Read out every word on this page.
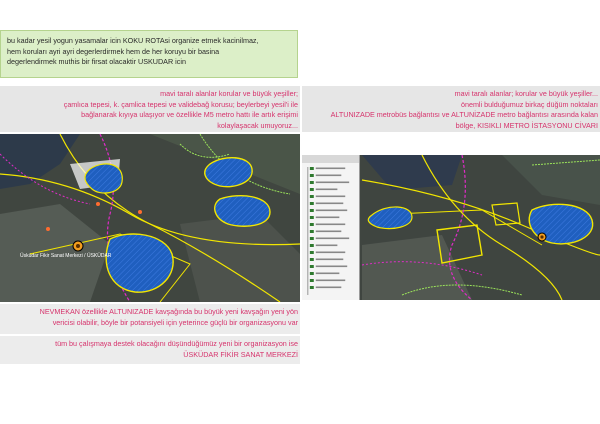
bu kadar yesil yogun yasamalar icin KOKU ROTAsi organize etmek kacinilmaz,
hem koruları ayri ayri degerlerdirmek hem de her koruyu bir basina
degerlendirmek muthis bir firsat olacaktir USKUDAR icin
mavi taralı alanlar korular ve büyük yeşiller;
çamlıca tepesi, k. çamlica tepesi ve validebağ korusu; beylerbeyi yesil'i ile
bağlanarak kıyıya ulaşıyor ve özellikle M5 metro hattı ile artık erişimi
kolaylaşacak umuyoruz...
mavi taralı alanlar; korular ve büyük yeşiller...
önemli bulduğumuz birkaç düğüm noktaları
ALTUNIZADE metrobüs bağlantısı ve ALTUNİZADE metro bağlantısı arasında kalan
bölge, KISIKLI METRO İSTASYONU CİVARI
Üsküdar Fikir Sanat Merkezi / ÜSKÜDAR
NEVMEKAN özellikle ALTUNIZADE kavşağında bu büyük yeni kavşağın yeni yön
vericisi olabilir, böyle bir potansiyeli için yeterince güçlü bir organizasyonu var
tüm bu çalışmaya destek olacağını düşündüğümüz yeni bir organizasyon ise
ÜSKÜDAR FİKİR SANAT MERKEZİ
